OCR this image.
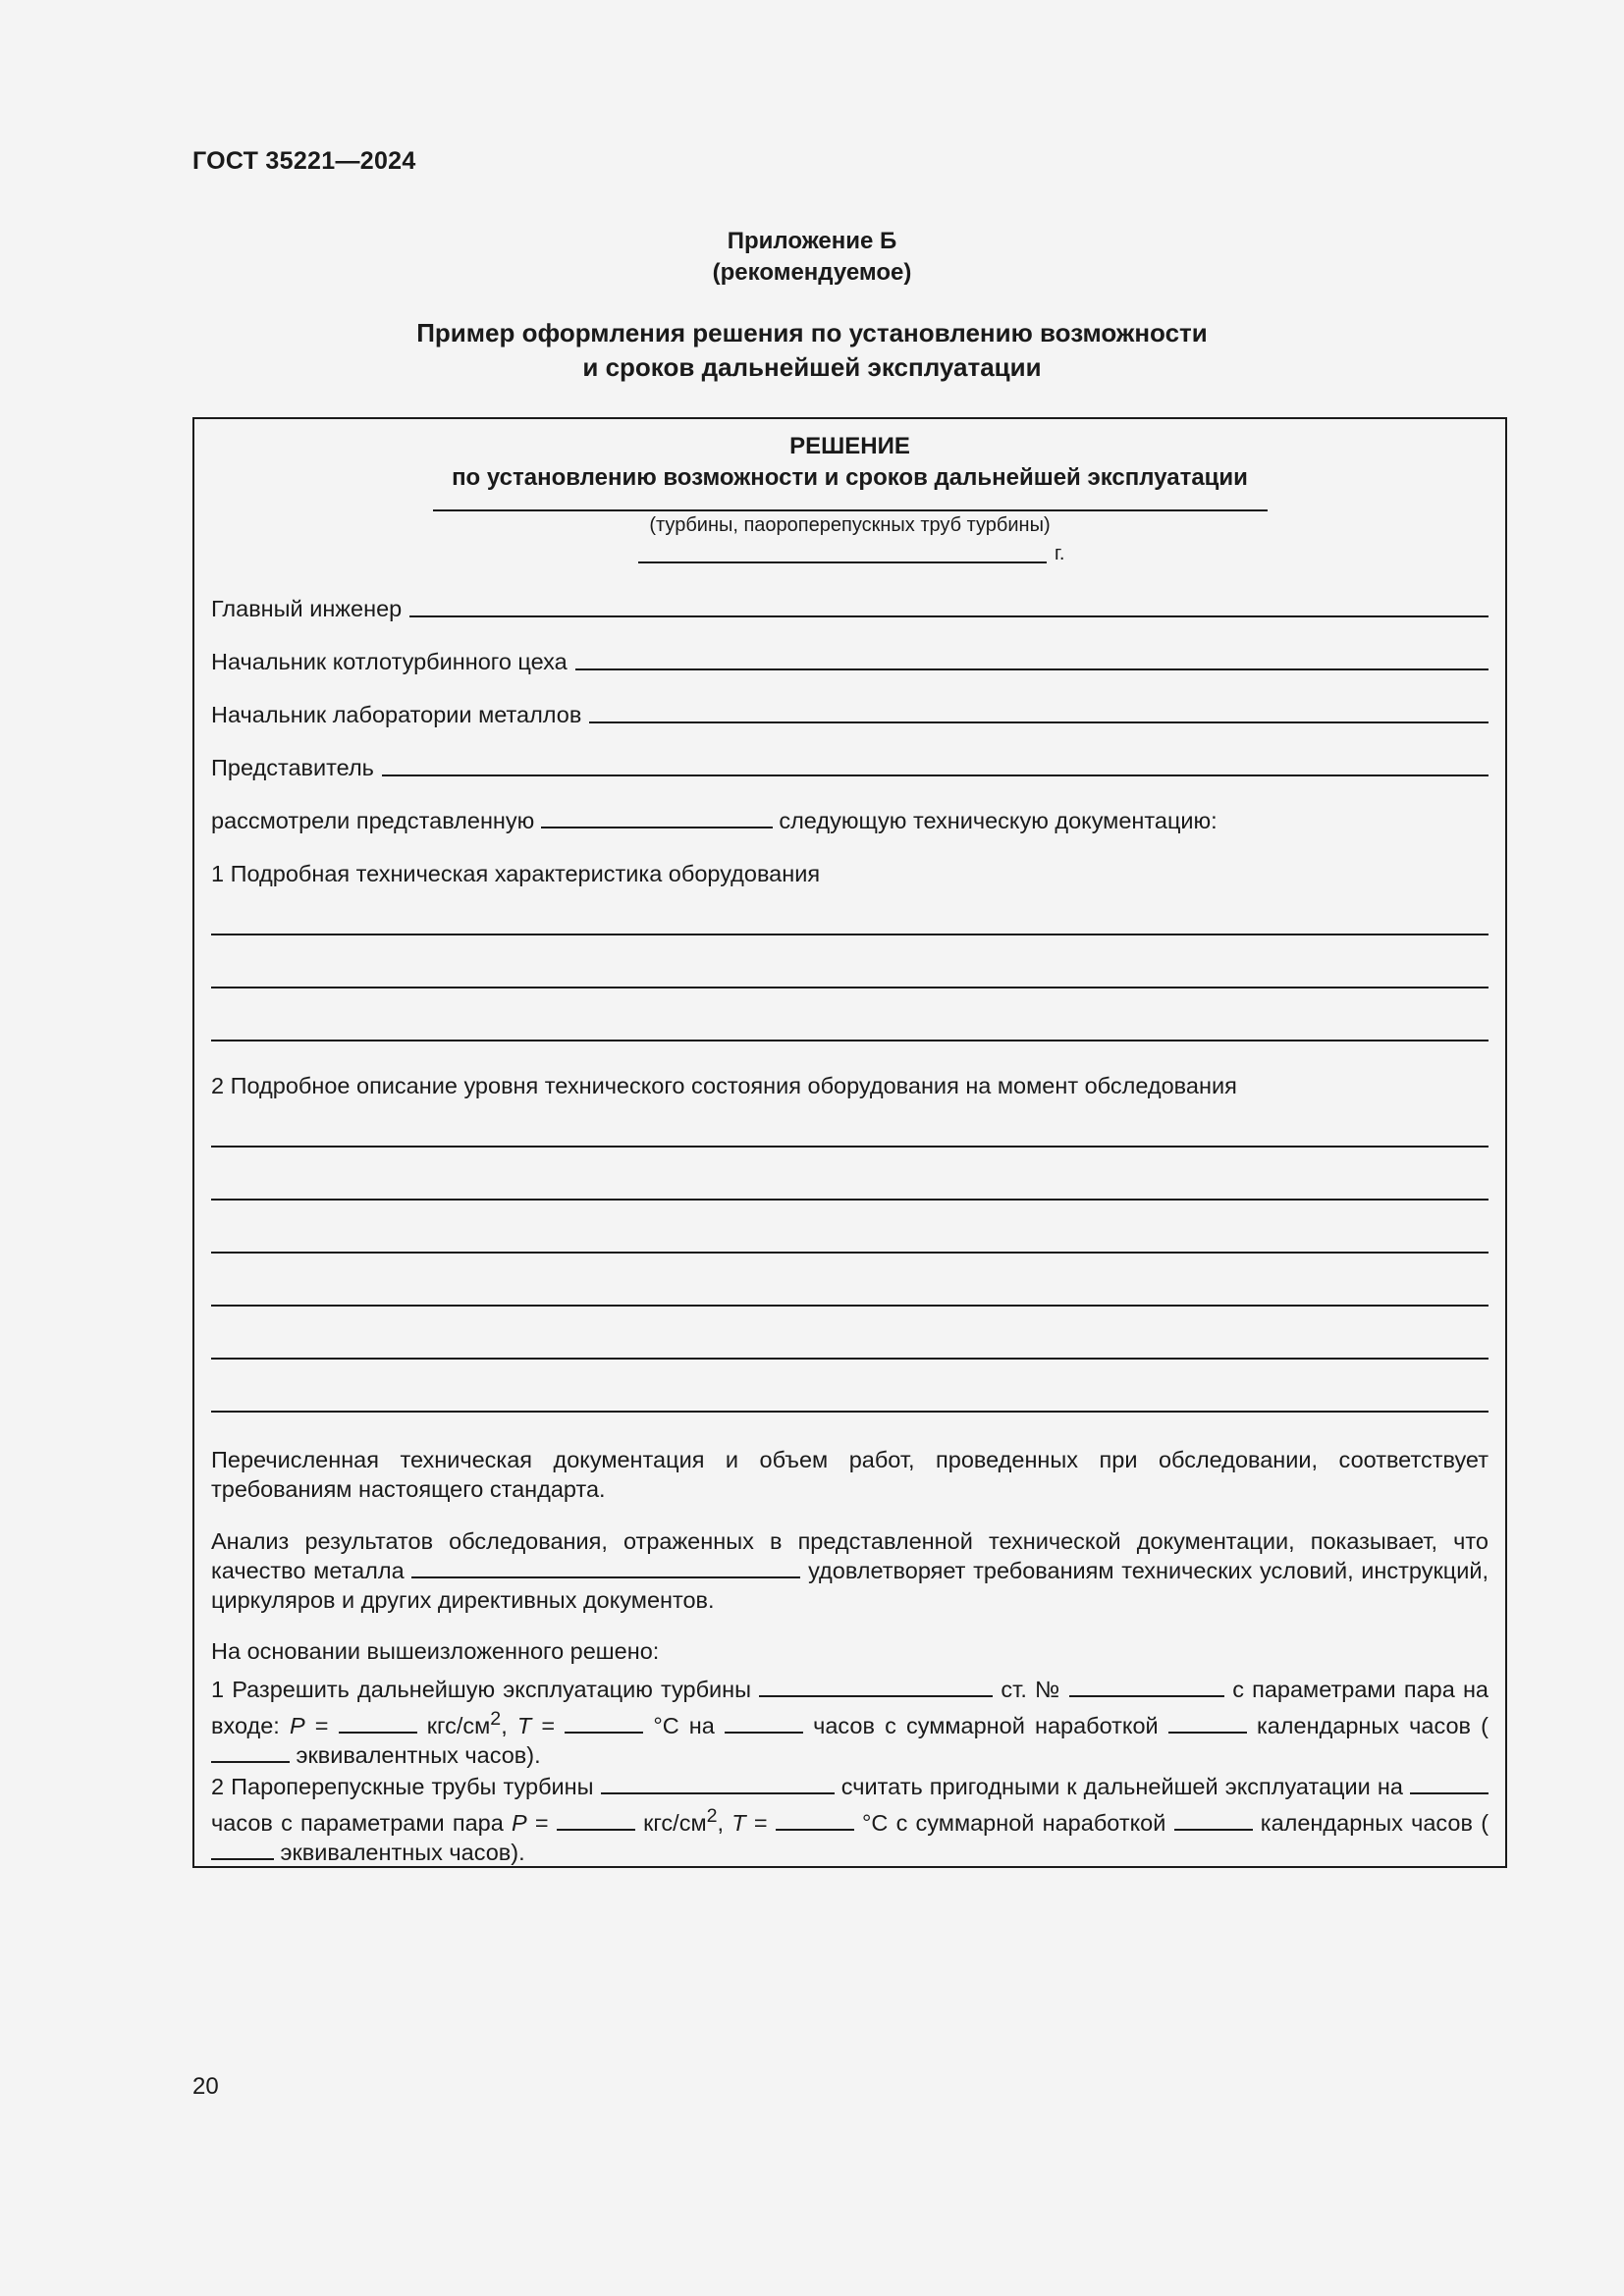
ГОСТ 35221—2024
Приложение Б
(рекомендуемое)
Пример оформления решения по установлению возможности
и сроков дальнейшей эксплуатации
РЕШЕНИЕ
по установлению возможности и сроков дальнейшей эксплуатации
(турбины, паороперепускных труб турбины)
г.
Главный инженер
Начальник котлотурбинного цеха
Начальник лаборатории металлов
Представитель
рассмотрели представленную	следующую техническую документацию:
1 Подробная техническая характеристика оборудования
2 Подробное описание уровня технического состояния оборудования на момент обследования
Перечисленная техническая документация и объем работ, проведенных при обследовании, соответствует требованиям настоящего стандарта.
Анализ результатов обследования, отраженных в представленной технической документации, показывает, что качество металла	удовлетворяет требованиям технических условий, инструкций, циркуляров и других директивных документов.
На основании вышеизложенного решено:
1 Разрешить дальнейшую эксплуатацию турбины	ст. №	с параметрами пара на входе: P =	кгс/$см^2$, T =	°С на	часов с суммарной наработкой	календарных часов ( эквивалентных часов).
2 Пароперепускные трубы турбины	считать пригодными к дальнейшей эксплуатации на  часов с параметрами пара P =	кгс/$см^2$, T =	°С с суммарной наработкой	календарных часов ( эквивалентных часов).
20
